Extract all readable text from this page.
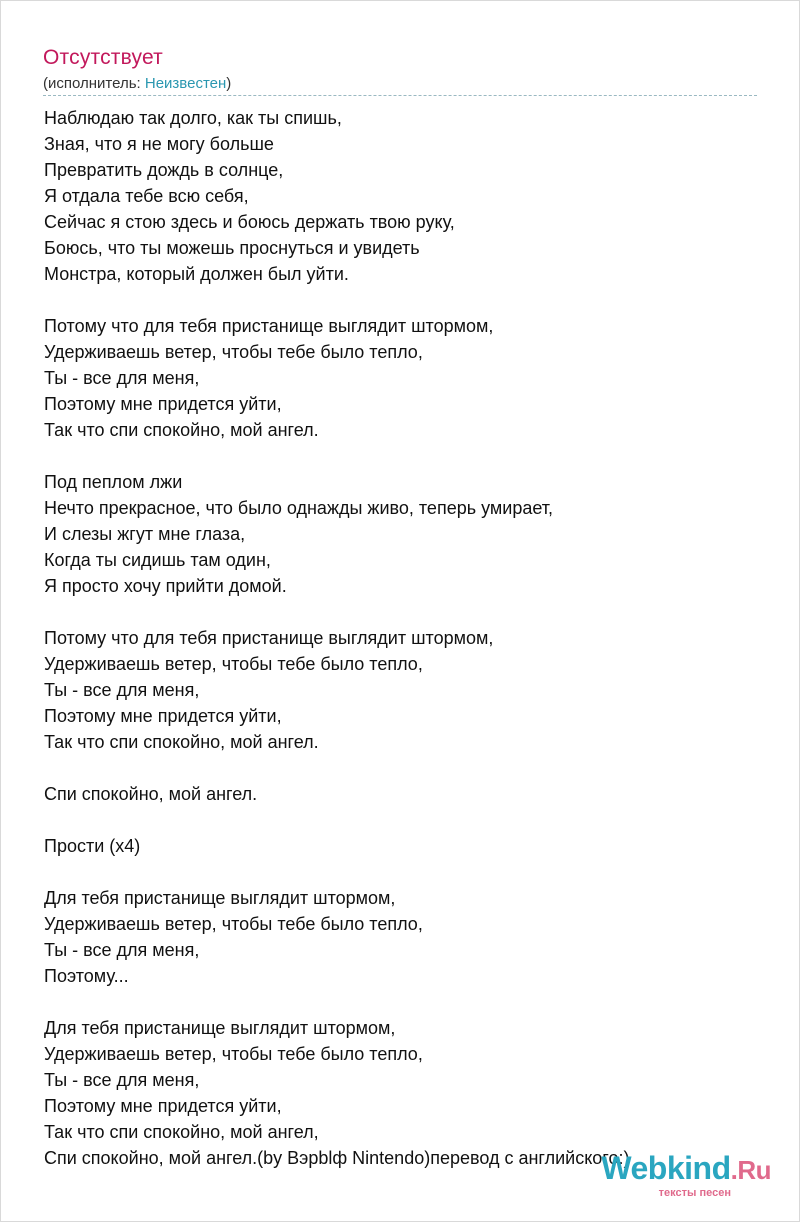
Отсутствует
(исполнитель: Неизвестен)
Наблюдаю так долго, как ты спишь,
Зная, что я не могу больше
Превратить дождь в солнце,
Я отдала тебе всю себя,
Сейчас я стою здесь и боюсь держать твою руку,
Боюсь, что ты можешь проснуться и увидеть
Монстра, который должен был уйти.

Потому что для тебя пристанище выглядит штормом,
Удерживаешь ветер, чтобы тебе было тепло,
Ты - все для меня,
Поэтому мне придется уйти,
Так что спи спокойно, мой ангел.

Под пеплом лжи
Нечто прекрасное, что было однажды живо, теперь умирает,
И слезы жгут мне глаза,
Когда ты сидишь там один,
Я просто хочу прийти домой.

Потому что для тебя пристанище выглядит штормом,
Удерживаешь ветер, чтобы тебе было тепло,
Ты - все для меня,
Поэтому мне придется уйти,
Так что спи спокойно, мой ангел.

Спи спокойно, мой ангел.

Прости (x4)

Для тебя пристанище выглядит штормом,
Удерживаешь ветер, чтобы тебе было тепло,
Ты - все для меня,
Поэтому...

Для тебя пристанище выглядит штормом,
Удерживаешь ветер, чтобы тебе было тепло,
Ты - все для меня,
Поэтому мне придется уйти,
Так что спи спокойно, мой ангел,
Спи спокойно, мой ангел.(by Вэрblф Nintendo)перевод с английского:)
Webkind.Ru
тексты песен
